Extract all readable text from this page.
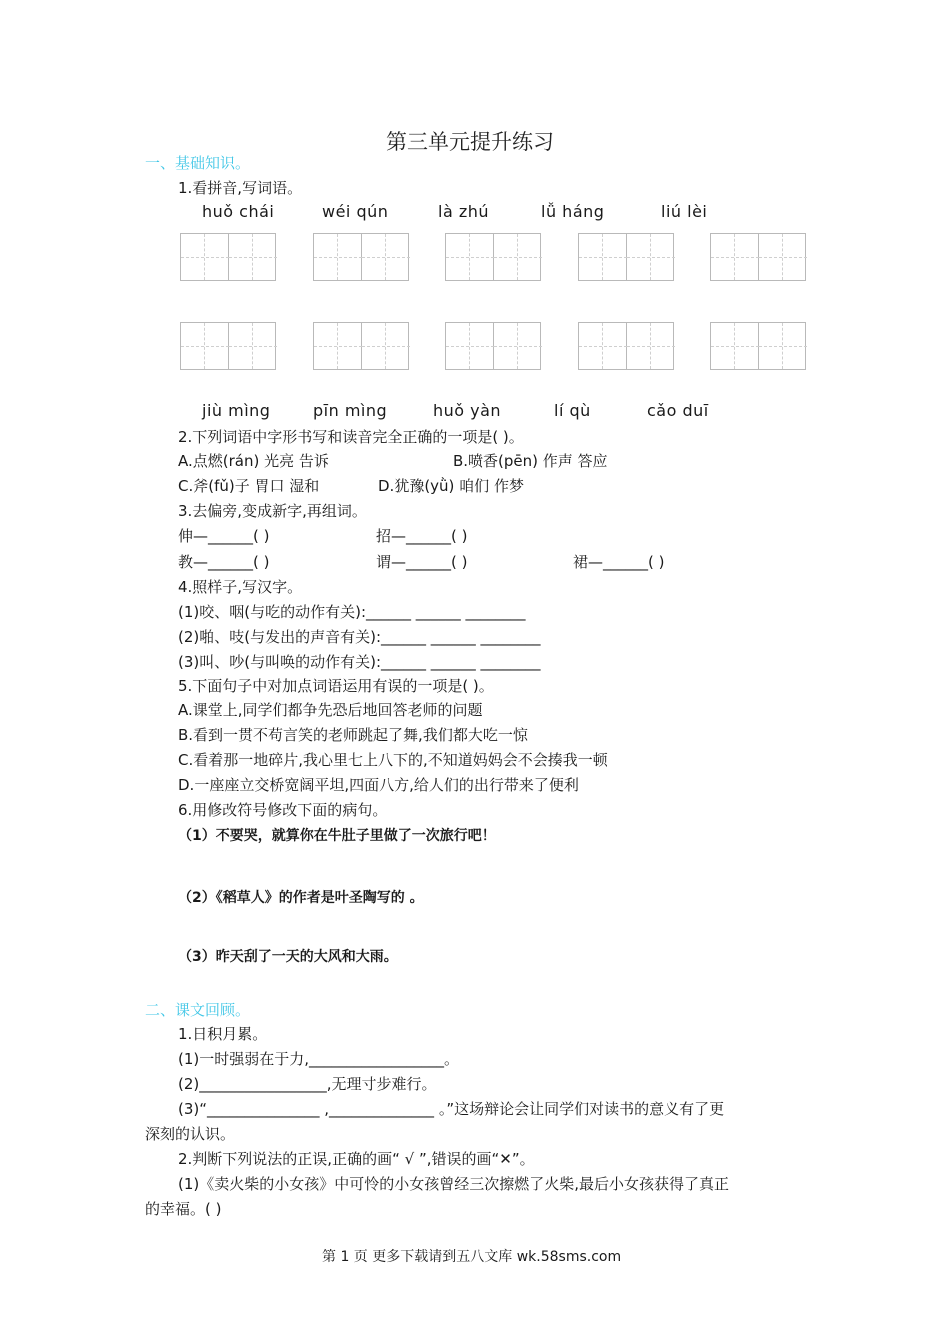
第三单元提升练习
一、基础知识。
1.看拼音,写词语。
huǒ chái	wéi qún	là zhú	lǚ háng	liú lèi
jiù mìng	pīn mìng	huǒ yàn	lí qù	cǎo duī
2.下列词语中字形书写和读音完全正确的一项是( )。
A.点燃(rán) 光亮 告诉	B.喷香(pēn) 作声 答应
C.斧(fǔ)子 胃口 湿和	D.犹豫(yǜ) 咱们 作梦
3.去偏旁,变成新字,再组词。
伸—______( )	招—______( )
教—______( )	谓—______( )	裙—______( )
4.照样子,写汉字。
(1)咬、咽(与吃的动作有关):______ ______ ________
(2)啪、吱(与发出的声音有关):______ ______ ________
(3)叫、吵(与叫唤的动作有关):______ ______ ________
5.下面句子中对加点词语运用有误的一项是( )。
A.课堂上,同学们都争先恐后地回答老师的问题
B.看到一贯不苟言笑的老师跳起了舞,我们都大吃一惊
C.看着那一地碎片,我心里七上八下的,不知道妈妈会不会揍我一顿
D.一座座立交桥宽阔平坦,四面八方,给人们的出行带来了便利
6.用修改符号修改下面的病句。
（1）不要哭，就算你在牛肚子里做了一次旅行吧！
（2）《稻草人》的作者是叶圣陶写的 。
（3）昨天刮了一天的大风和大雨。
二、课文回顾。
1.日积月累。
(1)一时强弱在于力,__________________。
(2)_________________,无理寸步难行。
(3)“_______________ ,______________ 。”这场辩论会让同学们对读书的意义有了更
深刻的认识。
2.判断下列说法的正误,正确的画“ √ ”,错误的画“✕”。
(1)《卖火柴的小女孩》中可怜的小女孩曾经三次擦燃了火柴,最后小女孩获得了真正
的幸福。( )
第 1 页 更多下载请到五八文库 wk.58sms.com
